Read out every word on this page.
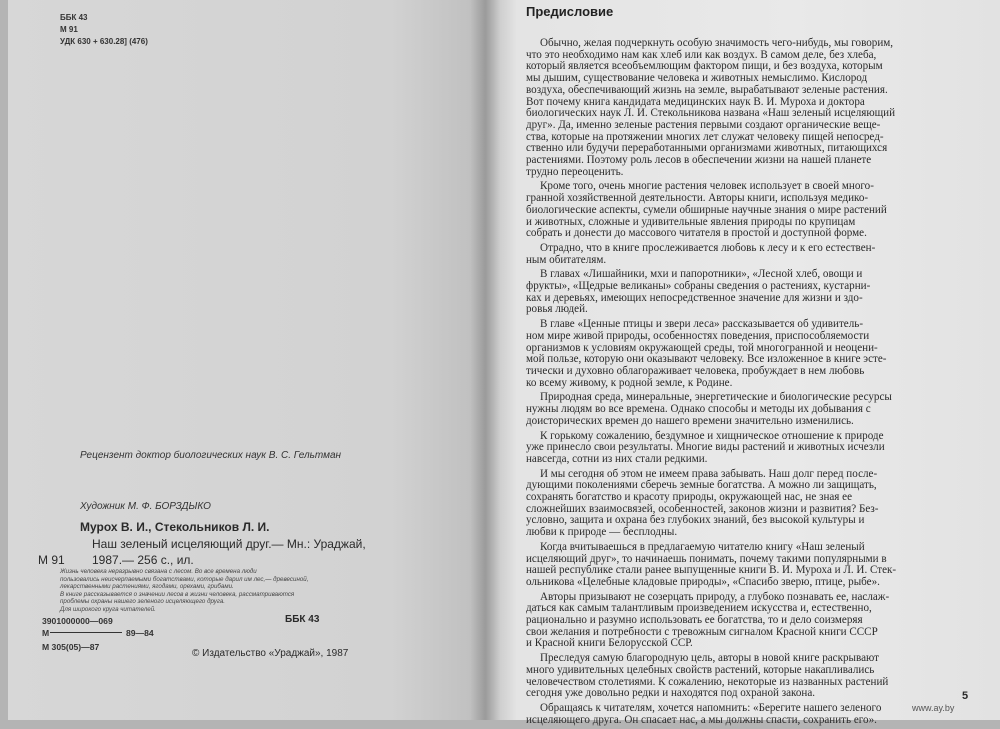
ББК 43
М 91
УДК 630 + 630.28] (476)
Рецензент доктор биологических наук В. С. Гельтман
Художник М. Ф. БОРЗДЫКО
Мурох В. И., Стекольников Л. И.
М 91
Наш зеленый исцеляющий друг.— Мн.: Ураджай,
1987.— 256 с., ил.
Жизнь человека неразрывно связана с лесом. Во все времена люди
пользовались неисчерпаемыми богатствами, которые дарил им лес,— древесиной,
лекарственными растениями, ягодами, орехами, грибами.
В книге рассказывается о значении лесов в жизни человека, рассматриваются
проблемы охраны нашего зеленого исцеляющего друга.
Для широкого круга читателей.
ББК 43
3901000000—069
М	89—84
М 305(05)—87
© Издательство «Ураджай», 1987
Предисловие

Обычно, желая подчеркнуть особую значимость чего-нибудь, мы говорим,
что это необходимо нам как хлеб или как воздух. В самом деле, без хлеба,
который является всеобъемлющим фактором пищи, и без воздуха, которым
мы дышим, существование человека и животных немыслимо. Кислород
воздуха, обеспечивающий жизнь на земле, вырабатывают зеленые растения.
Вот почему книга кандидата медицинских наук В. И. Муроха и доктора
биологических наук Л. И. Стекольникова названа «Наш зеленый исцеляющий
друг». Да, именно зеленые растения первыми создают органические веще-
ства, которые на протяжении многих лет служат человеку пищей непосред-
ственно или будучи переработанными организмами животных, питающихся
растениями. Поэтому роль лесов в обеспечении жизни на нашей планете
трудно переоценить.

Кроме того, очень многие растения человек использует в своей много-
гранной хозяйственной деятельности. Авторы книги, используя медико-
биологические аспекты, сумели обширные научные знания о мире растений
и животных, сложные и удивительные явления природы по крупицам
собрать и донести до массового читателя в простой и доступной форме.

Отрадно, что в книге прослеживается любовь к лесу и к его естествен-
ным обитателям.

В главах «Лишайники, мхи и папоротники», «Лесной хлеб, овощи и
фрукты», «Щедрые великаны» собраны сведения о растениях, кустарни-
ках и деревьях, имеющих непосредственное значение для жизни и здо-
ровья людей.

В главе «Ценные птицы и звери леса» рассказывается об удивитель-
ном мире живой природы, особенностях поведения, приспособляемости
организмов к условиям окружающей среды, той многогранной и неоцени-
мой пользе, которую они оказывают человеку. Все изложенное в книге эсте-
тически и духовно облагораживает человека, пробуждает в нем любовь
ко всему живому, к родной земле, к Родине.

Природная среда, минеральные, энергетические и биологические ресурсы
нужны людям во все времена. Однако способы и методы их добывания с
доисторических времен до нашего времени значительно изменились.

К горькому сожалению, бездумное и хищническое отношение к природе
уже принесло свои результаты. Многие виды растений и животных исчезли
навсегда, сотни из них стали редкими.

И мы сегодня об этом не имеем права забывать. Наш долг перед после-
дующими поколениями сберечь земные богатства. А можно ли защищать,
сохранять богатство и красоту природы, окружающей нас, не зная ее
сложнейших взаимосвязей, особенностей, законов жизни и развития? Без-
условно, защита и охрана без глубоких знаний, без высокой культуры и
любви к природе — бесплодны.

Когда вчитываешься в предлагаемую читателю книгу «Наш зеленый
исцеляющий друг», то начинаешь понимать, почему такими популярными в
нашей республике стали ранее выпущенные книги В. И. Муроха и Л. И. Стек-
ольникова «Целебные кладовые природы», «Спасибо зверю, птице, рыбе».

Авторы призывают не созерцать природу, а глубоко познавать ее, наслаж-
даться как самым талантливым произведением искусства и, естественно,
рационально и разумно использовать ее богатства, то и дело соизмеряя
свои желания и потребности с тревожным сигналом Красной книги СССР
и Красной книги Белорусской ССР.

Преследуя самую благородную цель, авторы в новой книге раскрывают
много удивительных целебных свойств растений, которые накапливались
человечеством столетиями. К сожалению, некоторые из названных растений
сегодня уже довольно редки и находятся под охраной закона.

Обращаясь к читателям, хочется напомнить: «Берегите нашего зеленого
исцеляющего друга. Он спасает нас, а мы должны спасти, сохранить его».

5
www.ay.by
